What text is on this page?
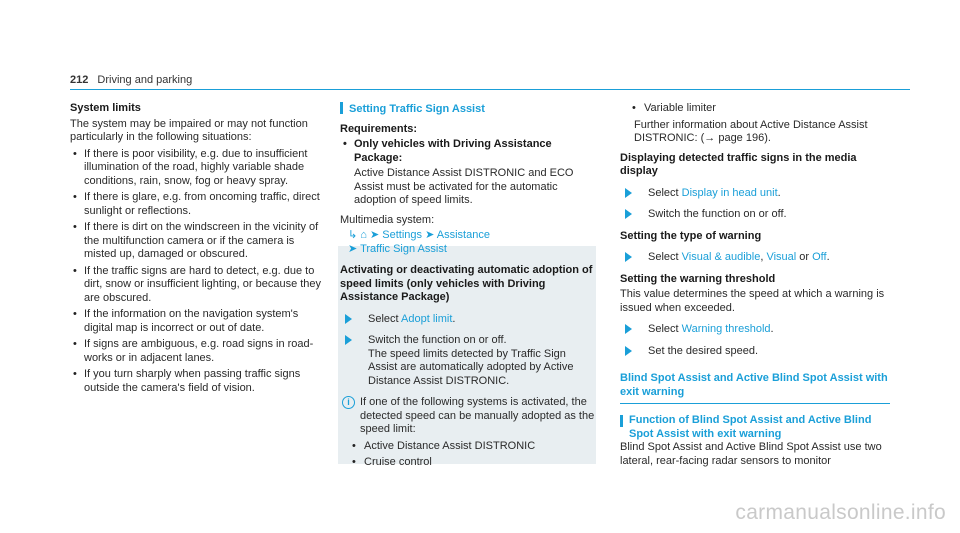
212 Driving and parking

System limits

The system may be impaired or may not function particularly in the following situations:

• If there is poor visibility, e.g. due to insufficient illumination of the road, highly variable shade conditions, rain, snow, fog or heavy spray.
• If there is glare, e.g. from oncoming traffic, direct sunlight or reflections.
• If there is dirt on the windscreen in the vicinity of the multifunction camera or if the camera is misted up, damaged or obscured.
• If the traffic signs are hard to detect, e.g. due to dirt, snow or insufficient lighting, or because they are obscured.
• If the information on the navigation system's digital map is incorrect or out of date.
• If signs are ambiguous, e.g. road signs in road-works or in adjacent lanes.
• If you turn sharply when passing traffic signs outside the camera's field of vision.

Setting Traffic Sign Assist

Requirements:

• Only vehicles with Driving Assistance Package:

Active Distance Assist DISTRONIC and ECO Assist must be activated for the automatic adoption of speed limits.

Multimedia system:

↳ ⌂ ➤ Settings ➤ Assistance
➤ Traffic Sign Assist

Activating or deactivating automatic adoption of speed limits (only vehicles with Driving Assistance Package)

Select Adopt limit.
Switch the function on or off.
The speed limits detected by Traffic Sign Assist are automatically adopted by Active Distance Assist DISTRONIC.
i If one of the following systems is activated, the detected speed can be manually adopted as the speed limit:
• Active Distance Assist DISTRONIC
• Cruise control
• Variable limiter

Further information about Active Distance Assist DISTRONIC: (→ page 196).

Displaying detected traffic signs in the media display

Select Display in head unit.
Switch the function on or off.

Setting the type of warning

Select Visual & audible, Visual or Off.

Setting the warning threshold

This value determines the speed at which a warning is issued when exceeded.

Select Warning threshold.
Set the desired speed.

Blind Spot Assist and Active Blind Spot Assist with exit warning

Function of Blind Spot Assist and Active Blind Spot Assist with exit warning

Blind Spot Assist and Active Blind Spot Assist use two lateral, rear-facing radar sensors to monitor

carmanualsonline.info
